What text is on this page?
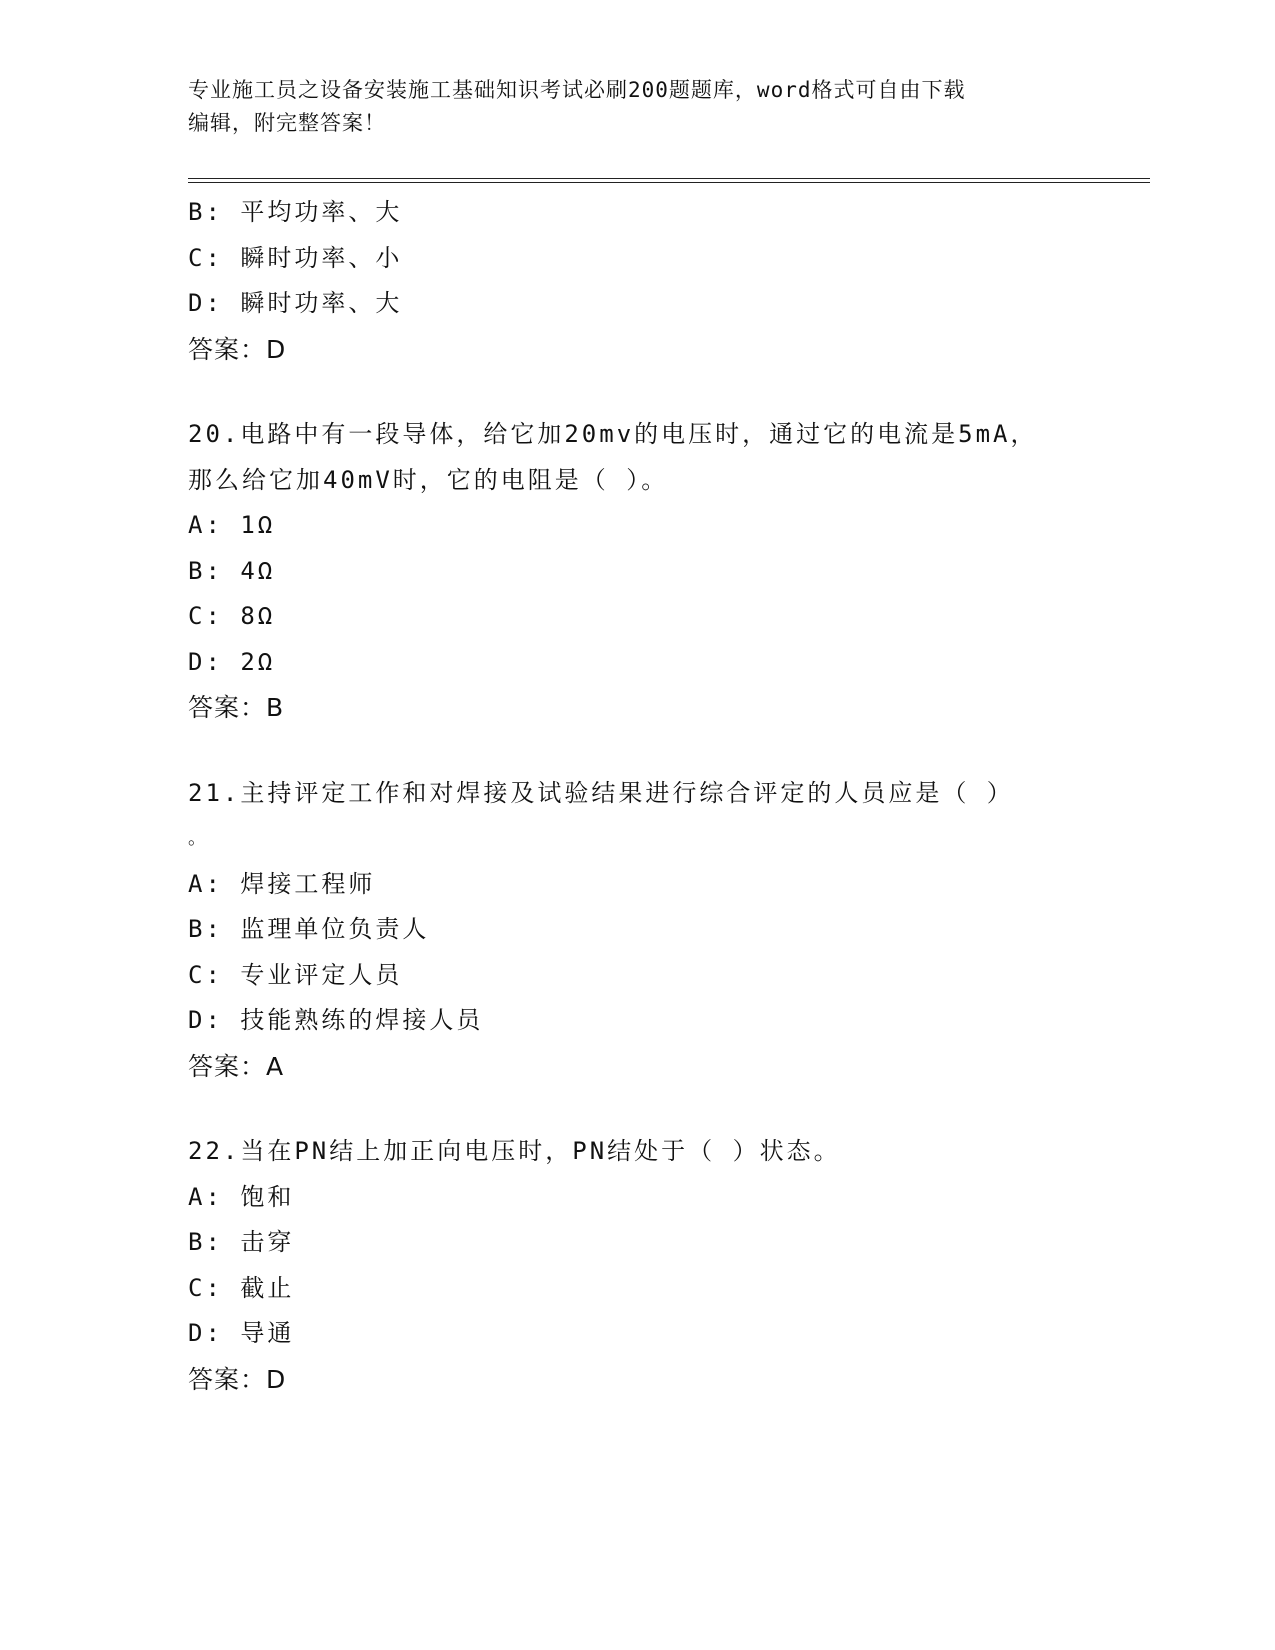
专业施工员之设备安装施工基础知识考试必刷200题题库，word格式可自由下载
编辑，附完整答案！
B: 平均功率、大
C: 瞬时功率、小
D: 瞬时功率、大
答案：D
20.电路中有一段导体，给它加20mv的电压时，通过它的电流是5mA，
那么给它加40mV时，它的电阻是（ ）。
A: 1Ω
B: 4Ω
C: 8Ω
D: 2Ω
答案：B
21.主持评定工作和对焊接及试验结果进行综合评定的人员应是（ ）
。
A: 焊接工程师
B: 监理单位负责人
C: 专业评定人员
D: 技能熟练的焊接人员
答案：A
22.当在PN结上加正向电压时，PN结处于（ ）状态。
A: 饱和
B: 击穿
C: 截止
D: 导通
答案：D
